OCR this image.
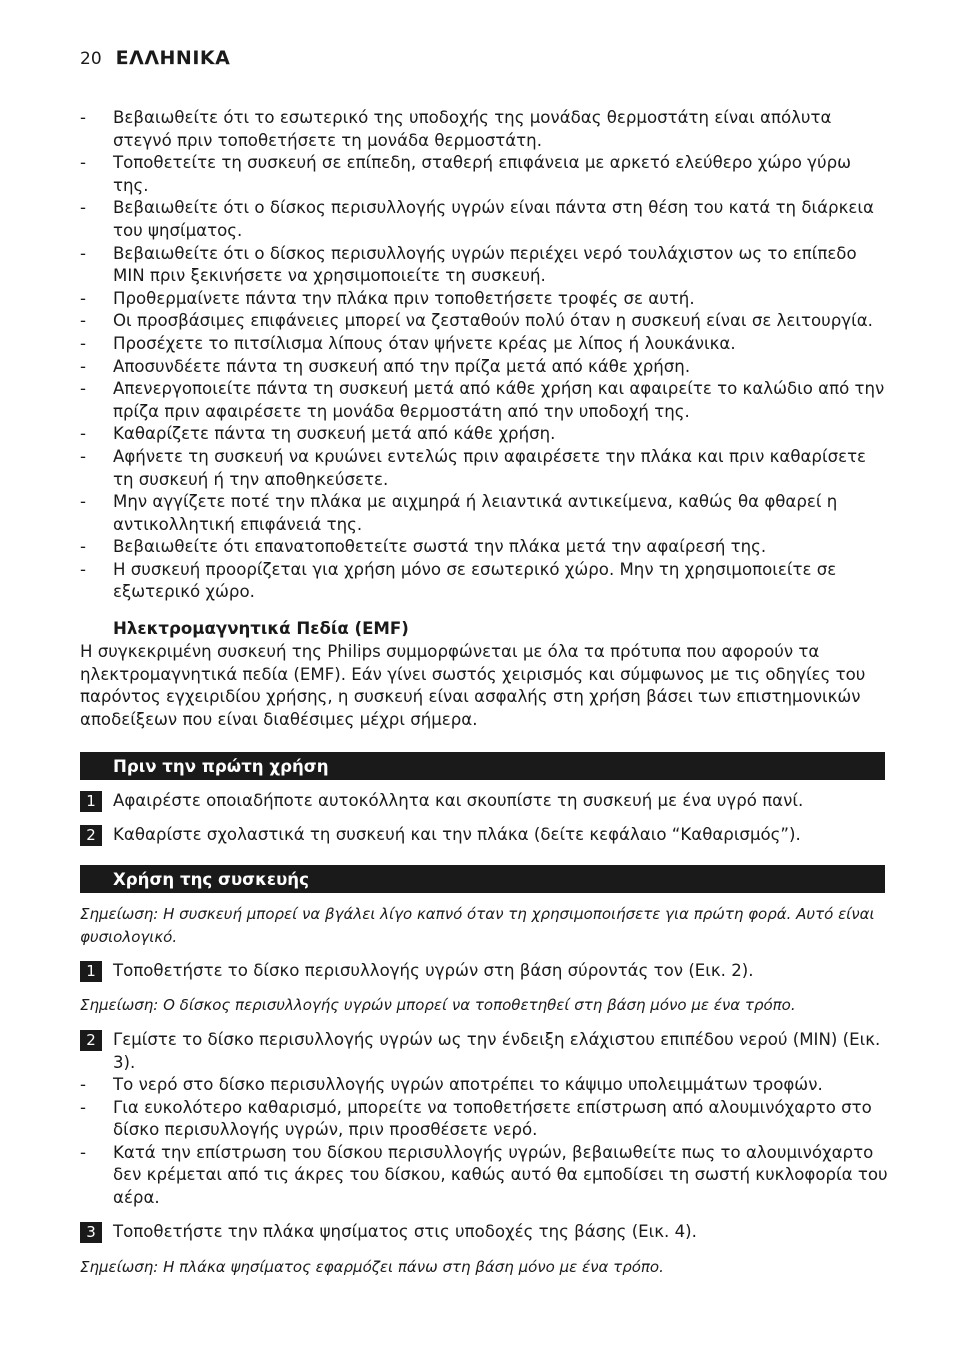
20 ΕΛΛΗΝΙΚΑ
- Βεβαιωθείτε ότι το εσωτερικό της υποδοχής της μονάδας θερμοστάτη είναι απόλυτα στεγνό πριν τοποθετήσετε τη μονάδα θερμοστάτη.
- Τοποθετείτε τη συσκευή σε επίπεδη, σταθερή επιφάνεια με αρκετό ελεύθερο χώρο γύρω της.
- Βεβαιωθείτε ότι ο δίσκος περισυλλογής υγρών είναι πάντα στη θέση του κατά τη διάρκεια του ψησίματος.
- Βεβαιωθείτε ότι ο δίσκος περισυλλογής υγρών περιέχει νερό τουλάχιστον ως το επίπεδο MIN πριν ξεκινήσετε να χρησιμοποιείτε τη συσκευή.
- Προθερμαίνετε πάντα την πλάκα πριν τοποθετήσετε τροφές σε αυτή.
- Οι προσβάσιμες επιφάνειες μπορεί να ζεσταθούν πολύ όταν η συσκευή είναι σε λειτουργία.
- Προσέχετε το πιτσίλισμα λίπους όταν ψήνετε κρέας με λίπος ή λουκάνικα.
- Αποσυνδέετε πάντα τη συσκευή από την πρίζα μετά από κάθε χρήση.
- Απενεργοποιείτε πάντα τη συσκευή μετά από κάθε χρήση και αφαιρείτε το καλώδιο από την πρίζα πριν αφαιρέσετε τη μονάδα θερμοστάτη από την υποδοχή της.
- Καθαρίζετε πάντα τη συσκευή μετά από κάθε χρήση.
- Αφήνετε τη συσκευή να κρυώνει εντελώς πριν αφαιρέσετε την πλάκα και πριν καθαρίσετε τη συσκευή ή την αποθηκεύσετε.
- Μην αγγίζετε ποτέ την πλάκα με αιχμηρά ή λειαντικά αντικείμενα, καθώς θα φθαρεί η αντικολλητική επιφάνειά της.
- Βεβαιωθείτε ότι επανατοποθετείτε σωστά την πλάκα μετά την αφαίρεσή της.
- Η συσκευή προορίζεται για χρήση μόνο σε εσωτερικό χώρο. Μην τη χρησιμοποιείτε σε εξωτερικό χώρο.
Ηλεκτρομαγνητικά Πεδία (EMF)
Η συγκεκριμένη συσκευή της Philips συμμορφώνεται με όλα τα πρότυπα που αφορούν τα ηλεκτρομαγνητικά πεδία (EMF). Εάν γίνει σωστός χειρισμός και σύμφωνος με τις οδηγίες του παρόντος εγχειριδίου χρήσης, η συσκευή είναι ασφαλής στη χρήση βάσει των επιστημονικών αποδείξεων που είναι διαθέσιμες μέχρι σήμερα.
Πριν την πρώτη χρήση
1	Αφαιρέστε οποιαδήποτε αυτοκόλλητα και σκουπίστε τη συσκευή με ένα υγρό πανί.
2	Καθαρίστε σχολαστικά τη συσκευή και την πλάκα (δείτε κεφάλαιο “Καθαρισμός”).
Χρήση της συσκευής
Σημείωση: Η συσκευή μπορεί να βγάλει λίγο καπνό όταν τη χρησιμοποιήσετε για πρώτη φορά. Αυτό είναι φυσιολογικό.
1	Τοποθετήστε το δίσκο περισυλλογής υγρών στη βάση σύροντάς τον (Εικ. 2).
Σημείωση: Ο δίσκος περισυλλογής υγρών μπορεί να τοποθετηθεί στη βάση μόνο με ένα τρόπο.
2	Γεμίστε το δίσκο περισυλλογής υγρών ως την ένδειξη ελάχιστου επιπέδου νερού (MIN) (Εικ. 3).
- Το νερό στο δίσκο περισυλλογής υγρών αποτρέπει το κάψιμο υπολειμμάτων τροφών.
- Για ευκολότερο καθαρισμό, μπορείτε να τοποθετήσετε επίστρωση από αλουμινόχαρτο στο δίσκο περισυλλογής υγρών, πριν προσθέσετε νερό.
- Κατά την επίστρωση του δίσκου περισυλλογής υγρών, βεβαιωθείτε πως το αλουμινόχαρτο δεν κρέμεται από τις άκρες του δίσκου, καθώς αυτό θα εμποδίσει τη σωστή κυκλοφορία του αέρα.
3	Τοποθετήστε την πλάκα ψησίματος στις υποδοχές της βάσης (Εικ. 4).
Σημείωση: Η πλάκα ψησίματος εφαρμόζει πάνω στη βάση μόνο με ένα τρόπο.
